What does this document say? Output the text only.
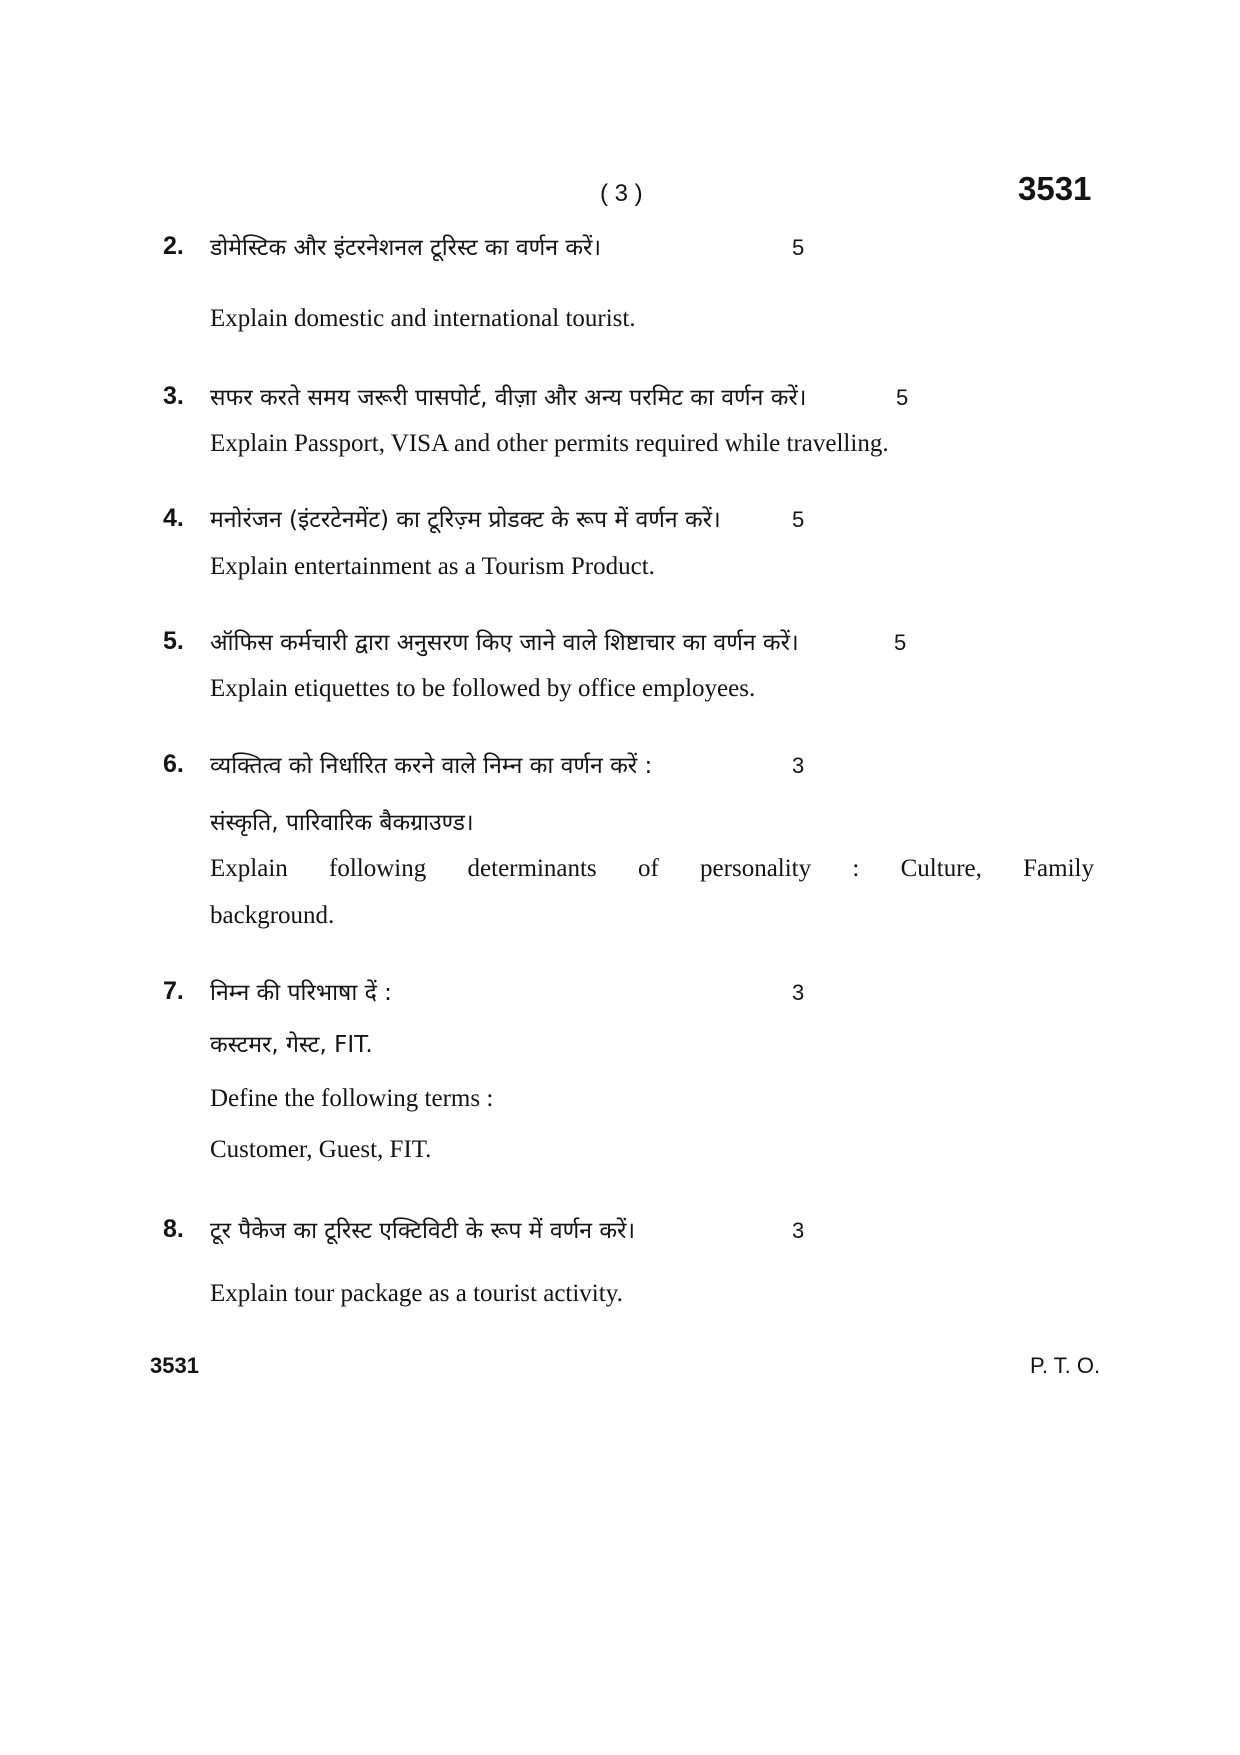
( 3 )	3531
2. डोमेस्टिक और इंटरनेशनल टूरिस्ट का वर्णन करें।	5
Explain domestic and international tourist.
3. सफर करते समय जरूरी पासपोर्ट, वीज़ा और अन्य परमिट का वर्णन करें।	5
Explain Passport, VISA and other permits required while travelling.
4. मनोरंजन (इंटरटेनमेंट) का टूरिज़्म प्रोडक्ट के रूप में वर्णन करें।	5
Explain entertainment as a Tourism Product.
5. ऑफिस कर्मचारी द्वारा अनुसरण किए जाने वाले शिष्टाचार का वर्णन करें।	5
Explain etiquettes to be followed by office employees.
6. व्यक्तित्व को निर्धारित करने वाले निम्न का वर्णन करें :	3
संस्कृति, पारिवारिक बैकग्राउण्ड।
Explain following determinants of personality : Culture, Family
background.
7. निम्न की परिभाषा दें :	3
कस्टमर, गेस्ट, FIT.
Define the following terms :
Customer, Guest, FIT.
8. टूर पैकेज का टूरिस्ट एक्टिविटी के रूप में वर्णन करें।	3
Explain tour package as a tourist activity.
3531	P. T. O.
